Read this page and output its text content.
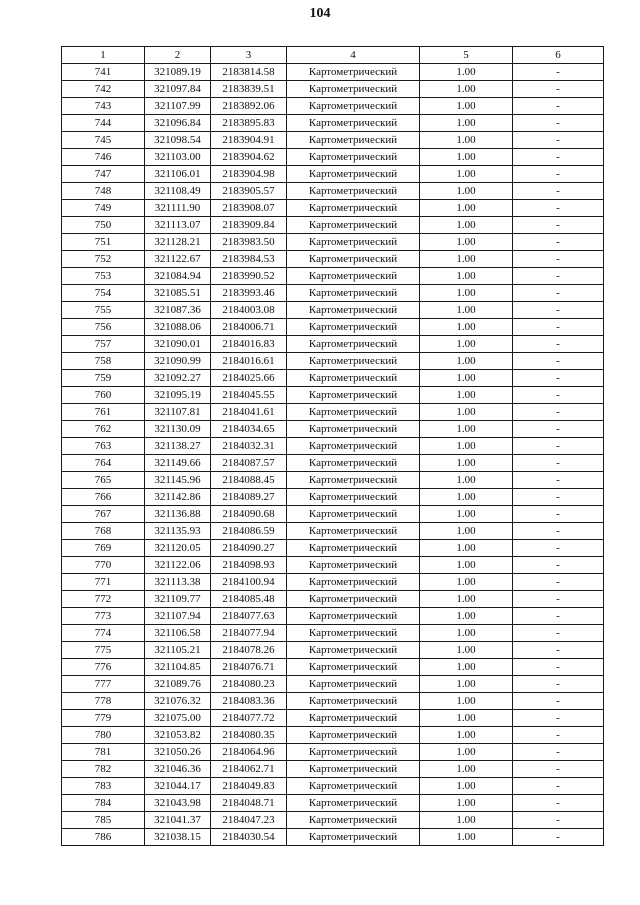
104
1	2	3	4	5	6
741	321089.19	2183814.58	Картометрический	1.00	-
742	321097.84	2183839.51	Картометрический	1.00	-
743	321107.99	2183892.06	Картометрический	1.00	-
744	321096.84	2183895.83	Картометрический	1.00	-
745	321098.54	2183904.91	Картометрический	1.00	-
746	321103.00	2183904.62	Картометрический	1.00	-
747	321106.01	2183904.98	Картометрический	1.00	-
748	321108.49	2183905.57	Картометрический	1.00	-
749	321111.90	2183908.07	Картометрический	1.00	-
750	321113.07	2183909.84	Картометрический	1.00	-
751	321128.21	2183983.50	Картометрический	1.00	-
752	321122.67	2183984.53	Картометрический	1.00	-
753	321084.94	2183990.52	Картометрический	1.00	-
754	321085.51	2183993.46	Картометрический	1.00	-
755	321087.36	2184003.08	Картометрический	1.00	-
756	321088.06	2184006.71	Картометрический	1.00	-
757	321090.01	2184016.83	Картометрический	1.00	-
758	321090.99	2184016.61	Картометрический	1.00	-
759	321092.27	2184025.66	Картометрический	1.00	-
760	321095.19	2184045.55	Картометрический	1.00	-
761	321107.81	2184041.61	Картометрический	1.00	-
762	321130.09	2184034.65	Картометрический	1.00	-
763	321138.27	2184032.31	Картометрический	1.00	-
764	321149.66	2184087.57	Картометрический	1.00	-
765	321145.96	2184088.45	Картометрический	1.00	-
766	321142.86	2184089.27	Картометрический	1.00	-
767	321136.88	2184090.68	Картометрический	1.00	-
768	321135.93	2184086.59	Картометрический	1.00	-
769	321120.05	2184090.27	Картометрический	1.00	-
770	321122.06	2184098.93	Картометрический	1.00	-
771	321113.38	2184100.94	Картометрический	1.00	-
772	321109.77	2184085.48	Картометрический	1.00	-
773	321107.94	2184077.63	Картометрический	1.00	-
774	321106.58	2184077.94	Картометрический	1.00	-
775	321105.21	2184078.26	Картометрический	1.00	-
776	321104.85	2184076.71	Картометрический	1.00	-
777	321089.76	2184080.23	Картометрический	1.00	-
778	321076.32	2184083.36	Картометрический	1.00	-
779	321075.00	2184077.72	Картометрический	1.00	-
780	321053.82	2184080.35	Картометрический	1.00	-
781	321050.26	2184064.96	Картометрический	1.00	-
782	321046.36	2184062.71	Картометрический	1.00	-
783	321044.17	2184049.83	Картометрический	1.00	-
784	321043.98	2184048.71	Картометрический	1.00	-
785	321041.37	2184047.23	Картометрический	1.00	-
786	321038.15	2184030.54	Картометрический	1.00	-
